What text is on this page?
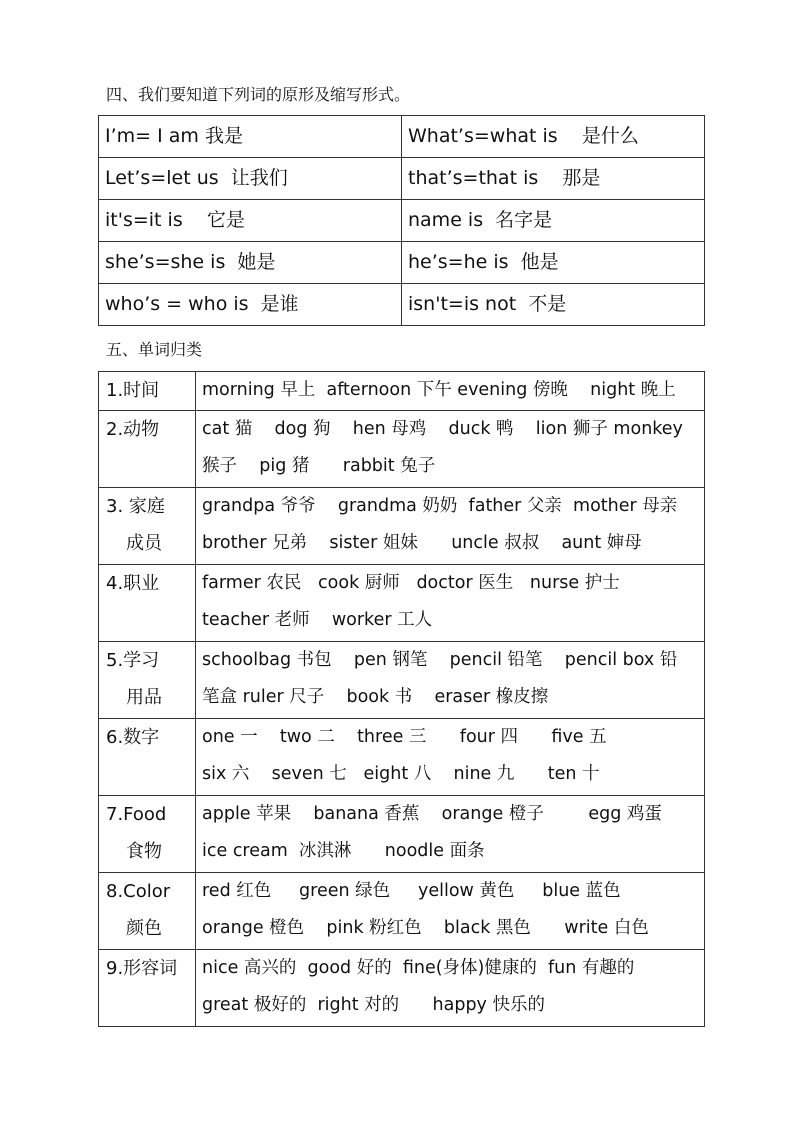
四、我们要知道下列词的原形及缩写形式。
I’m= I am 我是	What’s=what is    是什么
Let’s=let us  让我们	that’s=that is    那是
it's=it is    它是	name is  名字是
she’s=she is  她是	he’s=he is  他是
who’s = who is  是谁	isn't=is not  不是
五、单词归类
1.时间	morning 早上  afternoon 下午 evening 傍晚    night 晚上

2.动物	cat 猫    dog 狗    hen 母鸡    duck 鸭    lion 狮子 monkey
猴子    pig 猪      rabbit 兔子

3. 家庭
成员	grandpa 爷爷    grandma 奶奶  father 父亲  mother 母亲
brother 兄弟    sister 姐妹      uncle 叔叔    aunt 婶母

4.职业	farmer 农民   cook 厨师   doctor 医生   nurse 护士
teacher 老师    worker 工人

5.学习
用品	schoolbag 书包    pen 钢笔    pencil 铅笔    pencil box 铅
笔盒 ruler 尺子    book 书    eraser 橡皮擦

6.数字	one 一    two 二    three 三      four 四      five 五
six 六    seven 七   eight 八    nine 九      ten 十

7.Food
食物	apple 苹果    banana 香蕉    orange 橙子        egg 鸡蛋
ice cream  冰淇淋      noodle 面条

8.Color
颜色	red 红色     green 绿色     yellow 黄色     blue 蓝色
orange 橙色    pink 粉红色    black 黑色      write 白色

9.形容词	nice 高兴的  good 好的  fine(身体)健康的  fun 有趣的
great 极好的  right 对的      happy 快乐的
